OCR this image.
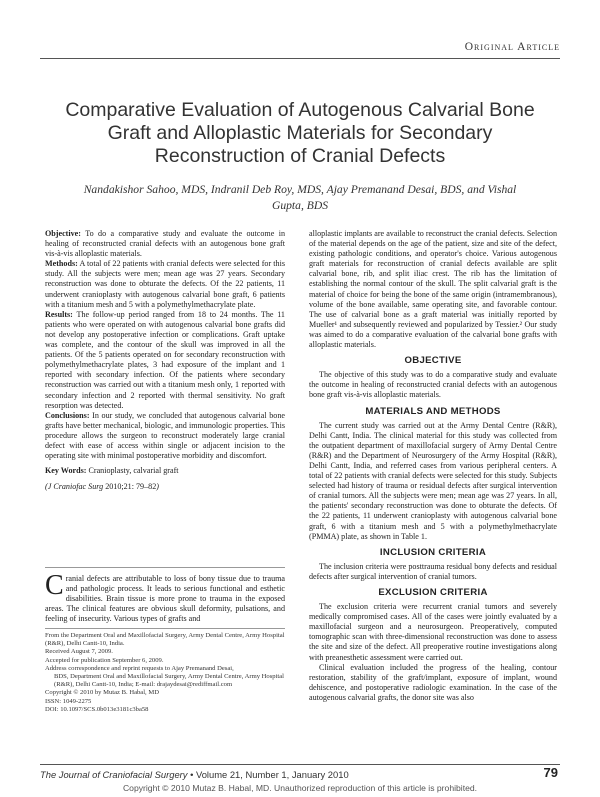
Original Article
Comparative Evaluation of Autogenous Calvarial Bone Graft and Alloplastic Materials for Secondary Reconstruction of Cranial Defects
Nandakishor Sahoo, MDS, Indranil Deb Roy, MDS, Ajay Premanand Desai, BDS, and Vishal Gupta, BDS

Objective: To do a comparative study and evaluate the outcome in healing of reconstructed cranial defects with an autogenous bone graft vis-à-vis alloplastic materials.

Methods: A total of 22 patients with cranial defects were selected for this study. All the subjects were men; mean age was 27 years. Secondary reconstruction was done to obturate the defects. Of the 22 patients, 11 underwent cranioplasty with autogenous calvarial bone graft, 6 patients with a titanium mesh and 5 with a polymethylmethacrylate plate.

Results: The follow-up period ranged from 18 to 24 months. The 11 patients who were operated on with autogenous calvarial bone grafts did not develop any postoperative infection or complications. Graft uptake was complete, and the contour of the skull was improved in all the patients. Of the 5 patients operated on for secondary reconstruction with polymethylmethacrylate plates, 3 had exposure of the implant and 1 reported with secondary infection. Of the patients where secondary reconstruction was carried out with a titanium mesh only, 1 reported with secondary infection and 2 reported with thermal sensitivity. No graft resorption was detected.

Conclusions: In our study, we concluded that autogenous calvarial bone grafts have better mechanical, biologic, and immunologic properties. This procedure allows the surgeon to reconstruct moderately large cranial defect with ease of access within single or adjacent incision to the operating site with minimal postoperative morbidity and discomfort.

Key Words: Cranioplasty, calvarial graft

(J Craniofac Surg 2010;21: 79–82)

Cranial defects are attributable to loss of bony tissue due to trauma and pathologic process. It leads to serious functional and esthetic disabilities. Brain tissue is more prone to trauma in the exposed areas. The clinical features are obvious skull deformity, pulsations, and feeling of insecurity. Various types of grafts and

From the Department Oral and Maxillofacial Surgery, Army Dental Centre, Army Hospital (R&R), Delhi Cantt-10, India.

Received August 7, 2009.

Accepted for publication September 6, 2009.

Address correspondence and reprint requests to Ajay Premanand Desai,

BDS, Department Oral and Maxillofacial Surgery, Army Dental Centre, Army Hospital (R&R), Delhi Cantt-10, India; E-mail: drajaydesai@rediffmail.com

Copyright © 2010 by Mutaz B. Habal, MD

ISSN: 1049-2275

DOI: 10.1097/SCS.0b013e3181c3ba58

alloplastic implants are available to reconstruct the cranial defects. Selection of the material depends on the age of the patient, size and site of the defect, existing pathologic conditions, and operator's choice. Various autogenous graft materials for reconstruction of cranial defects available are split calvarial bone, rib, and split iliac crest. The rib has the limitation of establishing the normal contour of the skull. The split calvarial graft is the material of choice for being the bone of the same origin (intramembranous), volume of the bone available, same operating site, and favorable contour. The use of calvarial bone as a graft material was initially reported by Mueller¹ and subsequently reviewed and popularized by Tessier.² Our study was aimed to do a comparative evaluation of the calvarial bone grafts with alloplastic materials.

OBJECTIVE

The objective of this study was to do a comparative study and evaluate the outcome in healing of reconstructed cranial defects with an autogenous bone graft vis-à-vis alloplastic materials.

MATERIALS AND METHODS

The current study was carried out at the Army Dental Centre (R&R), Delhi Cantt, India. The clinical material for this study was collected from the outpatient department of maxillofacial surgery of Army Dental Centre (R&R) and the Department of Neurosurgery of the Army Hospital (R&R), Delhi Cantt, India, and referred cases from various peripheral centers. A total of 22 patients with cranial defects were selected for this study. Subjects selected had history of trauma or residual defects after surgical intervention of cranial tumors. All the subjects were men; mean age was 27 years. In all, the patients' secondary reconstruction was done to obturate the defects. Of the 22 patients, 11 underwent cranioplasty with autogenous calvarial bone graft, 6 with a titanium mesh and 5 with a polymethylmethacrylate (PMMA) plate, as shown in Table 1.

INCLUSION CRITERIA

The inclusion criteria were posttrauma residual bony defects and residual defects after surgical intervention of cranial tumors.

EXCLUSION CRITERIA

The exclusion criteria were recurrent cranial tumors and severely medically compromised cases. All of the cases were jointly evaluated by a maxillofacial surgeon and a neurosurgeon. Preoperatively, computed tomographic scan with three-dimensional reconstruction was done to assess the site and size of the defect. All preoperative routine investigations along with preanesthetic assessment were carried out.

Clinical evaluation included the progress of the healing, contour restoration, stability of the graft/implant, exposure of implant, wound dehiscence, and postoperative radiologic examination. In the case of the autogenous calvarial grafts, the donor site was also

The Journal of Craniofacial Surgery • Volume 21, Number 1, January 2010	79
Copyright © 2010 Mutaz B. Habal, MD. Unauthorized reproduction of this article is prohibited.
